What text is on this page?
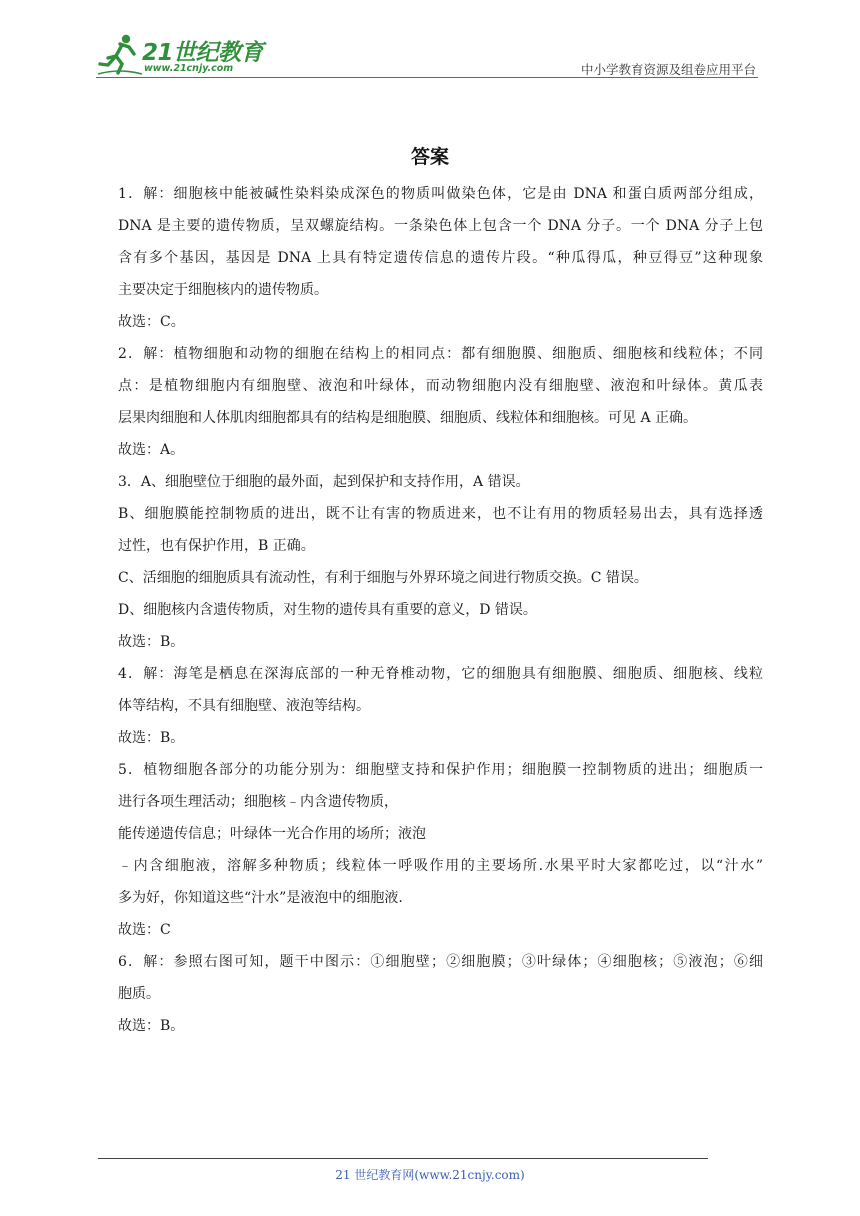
21世纪教育
www.21cnjy.com	中小学教育资源及组卷应用平台
答案
1．解：细胞核中能被碱性染料染成深色的物质叫做染色体，它是由 DNA 和蛋白质两部分组成，
DNA 是主要的遗传物质，呈双螺旋结构。一条染色体上包含一个 DNA 分子。一个 DNA 分子上包
含有多个基因，基因是 DNA 上具有特定遗传信息的遗传片段。“种瓜得瓜，种豆得豆”这种现象
主要决定于细胞核内的遗传物质。
故选：C。
2．解：植物细胞和动物的细胞在结构上的相同点：都有细胞膜、细胞质、细胞核和线粒体；不同
点：是植物细胞内有细胞壁、液泡和叶绿体，而动物细胞内没有细胞壁、液泡和叶绿体。黄瓜表
层果肉细胞和人体肌肉细胞都具有的结构是细胞膜、细胞质、线粒体和细胞核。可见 A 正确。
故选：A。
3．A、细胞壁位于细胞的最外面，起到保护和支持作用，A 错误。
B、细胞膜能控制物质的进出，既不让有害的物质进来，也不让有用的物质轻易出去，具有选择透
过性，也有保护作用，B 正确。
C、活细胞的细胞质具有流动性，有利于细胞与外界环境之间进行物质交换。C 错误。
D、细胞核内含遗传物质，对生物的遗传具有重要的意义，D 错误。
故选：B。
4．解：海笔是栖息在深海底部的一种无脊椎动物，它的细胞具有细胞膜、细胞质、细胞核、线粒
体等结构，不具有细胞壁、液泡等结构。
故选：B。
5．植物细胞各部分的功能分别为：细胞壁支持和保护作用；细胞膜一控制物质的进出；细胞质一
进行各项生理活动；细胞核﹣内含遗传物质，
能传递遗传信息；叶绿体一光合作用的场所；液泡
﹣内含细胞液，溶解多种物质；线粒体一呼吸作用的主要场所.水果平时大家都吃过，以“汁水”
多为好，你知道这些“汁水”是液泡中的细胞液.
故选：C
6．解：参照右图可知，题干中图示：①细胞壁；②细胞膜；③叶绿体；④细胞核；⑤液泡；⑥细
胞质。
故选：B。
21 世纪教育网(www.21cnjy.com)
